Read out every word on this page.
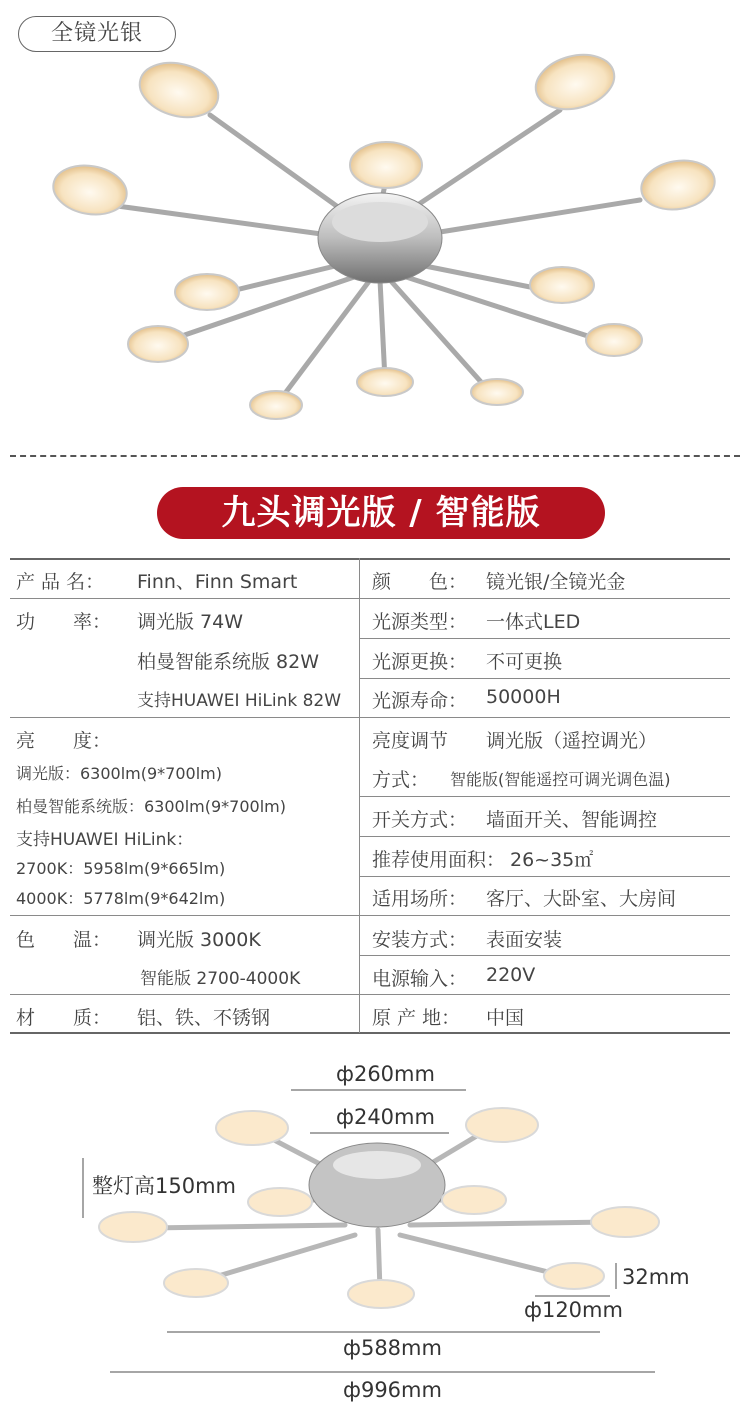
全镜光银
九头调光版 / 智能版
产 品 名： Finn、Finn Smart
功　　率： 调光版 74W
柏曼智能系统版 82W
支持HUAWEI HiLink 82W
亮　　度：
调光版：6300lm(9*700lm)
柏曼智能系统版：6300lm(9*700lm)
支持HUAWEI HiLink：
2700K：5958lm(9*665lm)
4000K：5778lm(9*642lm)
色　　温： 调光版 3000K
智能版 2700-4000K
材　　质： 铝、铁、不锈钢
颜　　色： 镜光银/全镜光金
光源类型： 一体式LED
光源更换： 不可更换
光源寿命： 50000H
亮度调节 调光版（遥控调光）
方式： 智能版(智能遥控可调光调色温)
开关方式： 墙面开关、智能调控
推荐使用面积： 26~35㎡
适用场所： 客厅、大卧室、大房间
安装方式： 表面安装
电源输入： 220V
原 产 地： 中国
ф260mm
ф240mm
整灯高150mm
32mm
ф120mm
ф588mm
ф996mm
